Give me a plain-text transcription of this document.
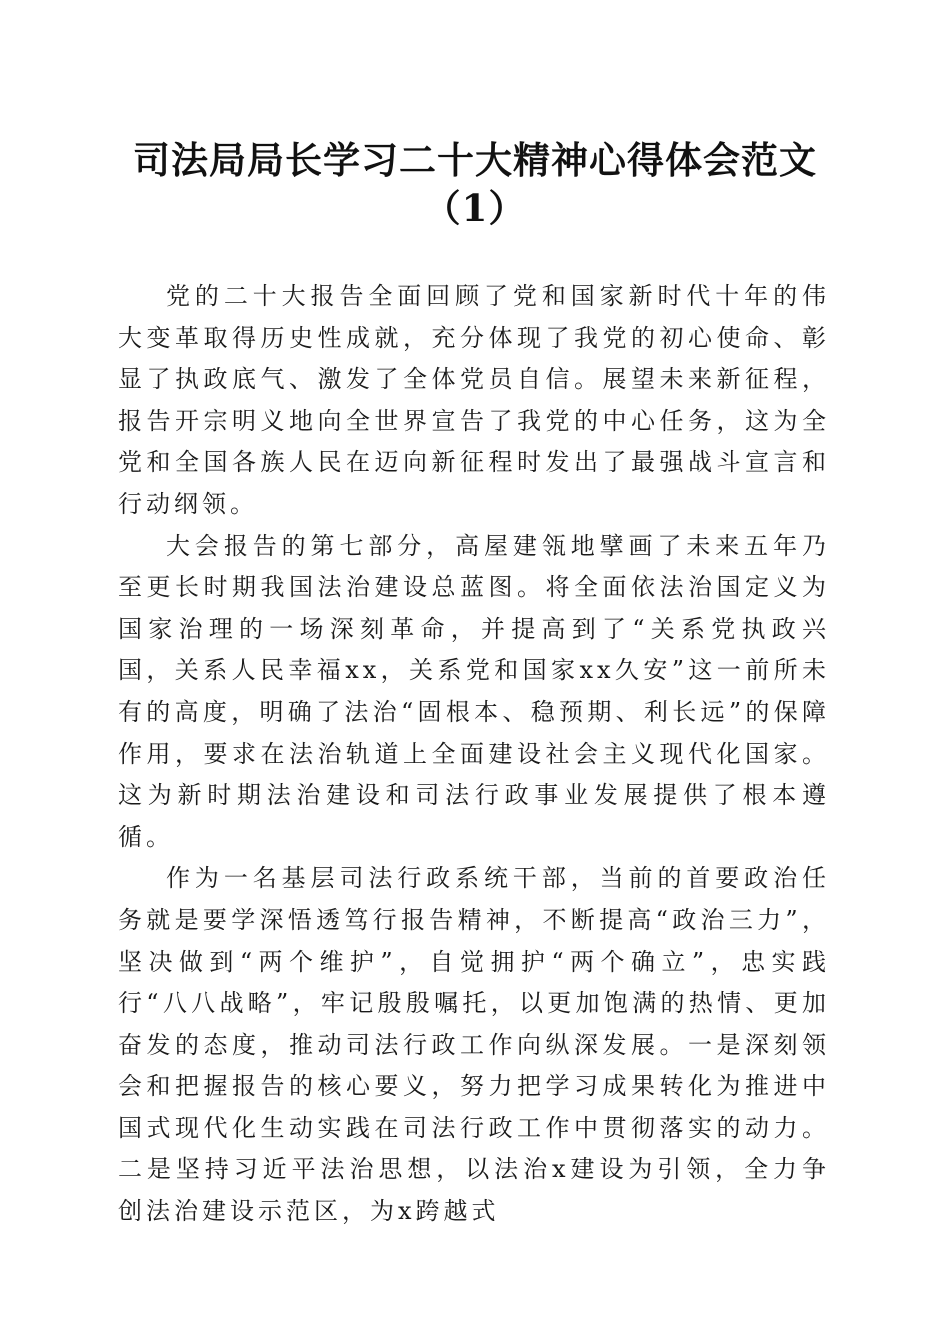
司法局局长学习二十大精神心得体会范文
（1）

党的二十大报告全面回顾了党和国家新时代十年的伟大变革取得历史性成就，充分体现了我党的初心使命、彰显了执政底气、激发了全体党员自信。展望未来新征程，报告开宗明义地向全世界宣告了我党的中心任务，这为全党和全国各族人民在迈向新征程时发出了最强战斗宣言和行动纲领。

大会报告的第七部分，高屋建瓴地擘画了未来五年乃至更长时期我国法治建设总蓝图。将全面依法治国定义为国家治理的一场深刻革命，并提高到了“关系党执政兴国，关系人民幸福xx，关系党和国家xx久安”这一前所未有的高度，明确了法治“固根本、稳预期、利长远”的保障作用，要求在法治轨道上全面建设社会主义现代化国家。这为新时期法治建设和司法行政事业发展提供了根本遵循。

作为一名基层司法行政系统干部，当前的首要政治任务就是要学深悟透笃行报告精神，不断提高“政治三力”，坚决做到“两个维护”，自觉拥护“两个确立”，忠实践行“八八战略”，牢记殷殷嘱托，以更加饱满的热情、更加奋发的态度，推动司法行政工作向纵深发展。一是深刻领会和把握报告的核心要义，努力把学习成果转化为推进中国式现代化生动实践在司法行政工作中贯彻落实的动力。二是坚持习近平法治思想，以法治x建设为引领，全力争创法治建设示范区，为x跨越式
